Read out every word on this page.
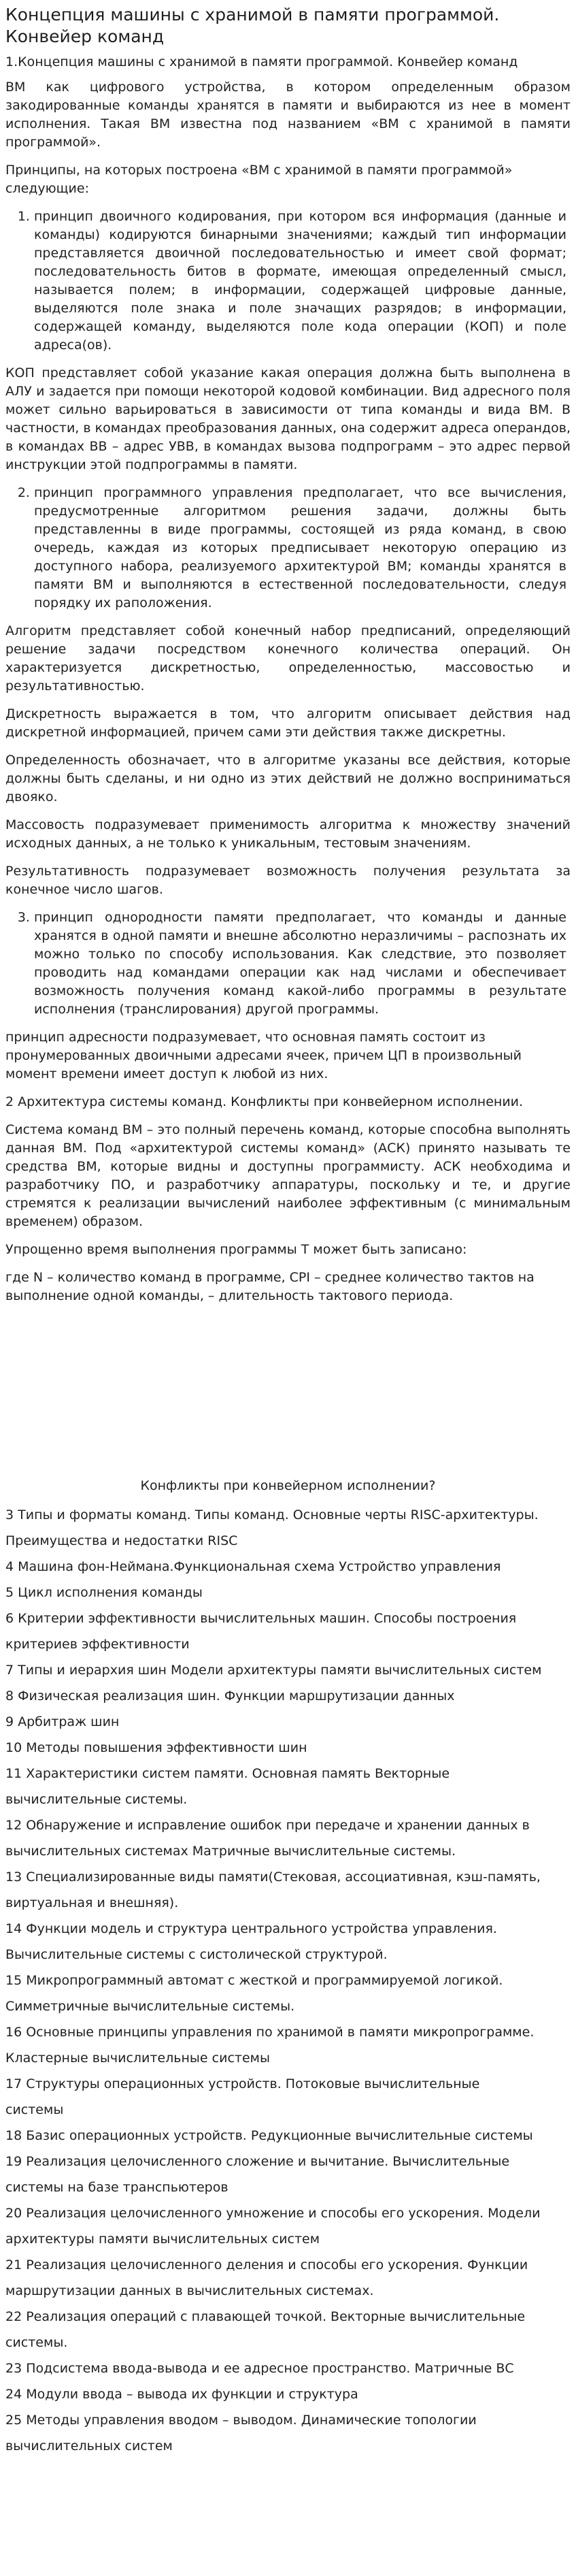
Концепция машины с хранимой в памяти программой. Конвейер команд
1.Концепция машины с хранимой в памяти программой. Конвейер команд

ВМ как цифрового устройства, в котором определенным образом закодированные команды хранятся в памяти и выбираются из нее в момент исполнения. Такая ВМ известна под названием «ВМ с хранимой в памяти программой».

Принципы, на которых построена «ВМ с хранимой в памяти программой» следующие:

1. принцип двоичного кодирования, при котором вся информация (данные и команды) кодируются бинарными значениями; каждый тип информации представляется двоичной последовательностью и имеет свой формат; последовательность битов в формате, имеющая определенный смысл, называется полем; в информации, содержащей цифровые данные, выделяются поле знака и поле значащих разрядов; в информации, содержащей команду, выделяются поле кода операции (КОП) и поле адреса(ов).

КОП представляет собой указание какая операция должна быть выполнена в АЛУ и задается при помощи некоторой кодовой комбинации. Вид адресного поля может сильно варьироваться в зависимости от типа команды и вида ВМ. В частности, в командах преобразования данных, она содержит адреса операндов, в командах ВВ – адрес УВВ, в командах вызова подпрограмм – это адрес первой инструкции этой подпрограммы в памяти.

2. принцип программного управления предполагает, что все вычисления, предусмотренные алгоритмом решения задачи, должны быть представленны в виде программы, состоящей из ряда команд, в свою очередь, каждая из которых предписывает некоторую операцию из доступного набора, реализуемого архитектурой ВМ; команды хранятся в памяти ВМ и выполняются в естественной последовательности, следуя порядку их раположения.

Алгоритм представляет собой конечный набор предписаний, определяющий решение задачи посредством конечного количества операций. Он характеризуется дискретностью, определенностью, массовостью и результативностью.

Дискретность выражается в том, что алгоритм описывает действия над дискретной информацией, причем сами эти действия также дискретны.

Определенность обозначает, что в алгоритме указаны все действия, которые должны быть сделаны, и ни одно из этих действий не должно восприниматься двояко.

Массовость подразумевает применимость алгоритма к множеству значений исходных данных, а не только к уникальным, тестовым значениям.

Результативность подразумевает возможность получения результата за конечное число шагов.

3. принцип однородности памяти предполагает, что команды и данные хранятся в одной памяти и внешне абсолютно неразличимы – распознать их можно только по способу использования. Как следствие, это позволяет проводить над командами операции как над числами и обеспечивает возможность получения команд какой-либо программы в результате исполнения (транслирования) другой программы.

принцип адресности подразумевает, что основная память состоит из пронумерованных двоичными адресами ячеек, причем ЦП в произвольный момент времени имеет доступ к любой из них.

2 Архитектура системы команд. Конфликты при конвейерном исполнении.

Система команд ВМ – это полный перечень команд, которые способна выполнять данная ВМ. Под «архитектурой системы команд» (АСК) принято называть те средства ВМ, которые видны и доступны программисту. АСК необходима и разработчику ПО, и разработчику аппаратуры, поскольку и те, и другие стремятся к реализации вычислений наиболее эффективным (с минимальным временем) образом.

Упрощенно время выполнения программы T может быть записано:

где N – количество команд в программе, CPI – среднее количество тактов на выполнение одной команды, – длительность тактового периода.

Конфликты при конвейерном исполнении?
3 Типы и форматы команд. Типы команд. Основные черты RISC-архитектуры.
Преимущества и недостатки RISC
4 Машина фон-Неймана.Функциональная схема Устройство управления
5 Цикл исполнения команды
6 Критерии эффективности вычислительных машин. Способы построения
критериев эффективности
7 Типы и иерархия шин Модели архитектуры памяти вычислительных систем
8 Физическая реализация шин. Функции маршрутизации данных
9 Арбитраж шин
10 Методы повышения эффективности шин
11 Характеристики систем памяти. Основная память Векторные
вычислительные системы.
12 Обнаружение и исправление ошибок при передаче и хранении данных в
вычислительных системах Матричные вычислительные системы.
13 Специализированные виды памяти(Стековая, ассоциативная, кэш-память,
виртуальная и внешняя).
14 Функции модель и структура центрального устройства управления.
Вычислительные системы с систолической структурой.
15 Микропрограммный автомат с жесткой и программируемой логикой.
Симметричные вычислительные системы.
16 Основные принципы управления по хранимой в памяти микропрограмме.
Кластерные вычислительные системы
17 Структуры операционных устройств. Потоковые вычислительные
системы
18 Базис операционных устройств. Редукционные вычислительные системы
19 Реализация целочисленного сложение и вычитание. Вычислительные
системы на базе транспьютеров
20 Реализация целочисленного умножение и способы его ускорения. Модели
архитектуры памяти вычислительных систем
21 Реализация целочисленного деления и способы его ускорения. Функции
маршрутизации данных в вычислительных системах.
22 Реализация операций с плавающей точкой. Векторные вычислительные
системы.
23 Подсистема ввода-вывода и ее адресное пространство. Матричные ВС
24 Модули ввода – вывода их функции и структура
25 Методы управления вводом – выводом. Динамические топологии
вычислительных систем
